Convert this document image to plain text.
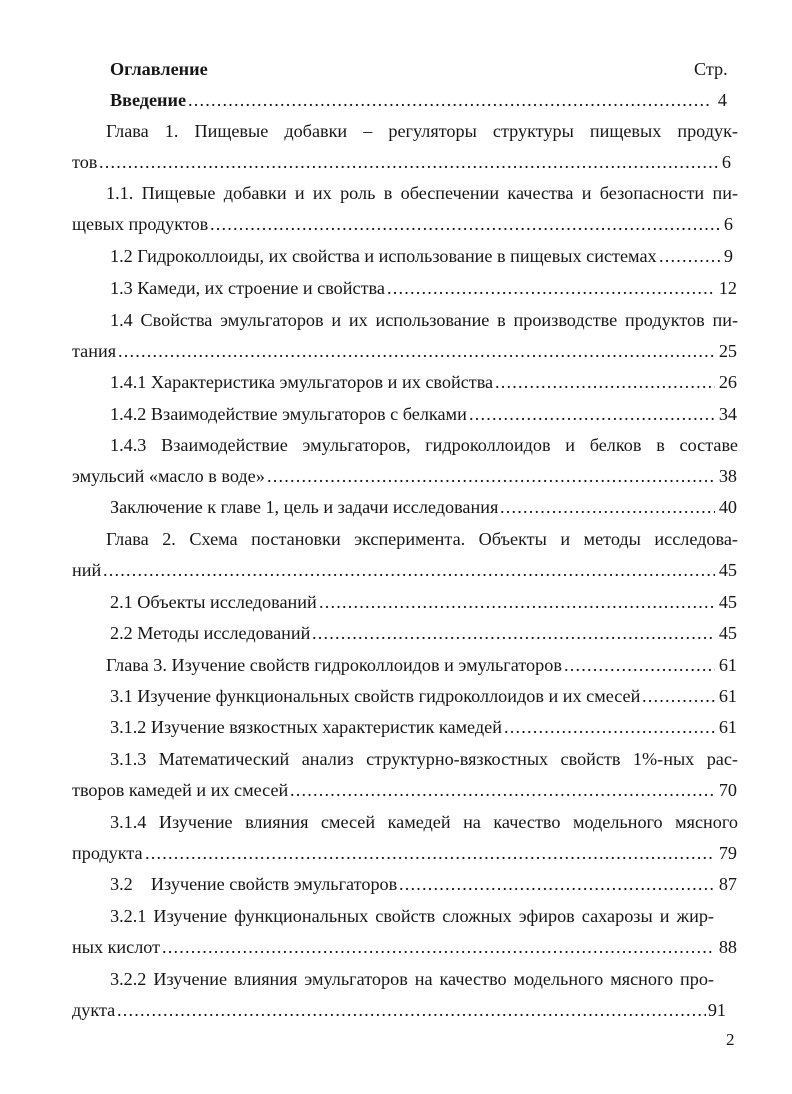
Оглавление	Стр.
Введение .....	4
Глава 1. Пищевые добавки – регуляторы структуры пищевых продук-
тов .....	6
1.1. Пищевые добавки и их роль в обеспечении качества и безопасности пи-
щевых продуктов .....	6
1.2 Гидроколлоиды, их свойства и использование в пищевых системах .....	9
1.3 Камеди, их строение и свойства .....	12
1.4 Свойства эмульгаторов и их использование в производстве продуктов пи-
тания .....	25
1.4.1 Характеристика эмульгаторов и их свойства .....	26
1.4.2 Взаимодействие эмульгаторов с белками .....	34
1.4.3 Взаимодействие эмульгаторов, гидроколлоидов и белков в составе
эмульсий «масло в воде» .....	38
Заключение к главе 1, цель и задачи исследования .....	40
Глава 2. Схема постановки эксперимента. Объекты и методы исследова-
ний .....	45
2.1 Объекты исследований .....	45
2.2 Методы исследований .....	45
Глава 3. Изучение свойств гидроколлоидов и эмульгаторов .....	61
3.1 Изучение функциональных свойств гидроколлоидов и их смесей .....	61
3.1.2 Изучение вязкостных характеристик камедей .....	61
3.1.3 Математический анализ структурно-вязкостных свойств 1%-ных рас-
творов камедей и их смесей .....	70
3.1.4 Изучение влияния смесей камедей на качество модельного мясного
продукта .....	79
3.2    Изучение свойств эмульгаторов .....	87
3.2.1 Изучение функциональных свойств сложных эфиров сахарозы и жир-
ных кислот .....	88
3.2.2 Изучение влияния эмульгаторов на качество модельного мясного про-
дукта .....	91
2
